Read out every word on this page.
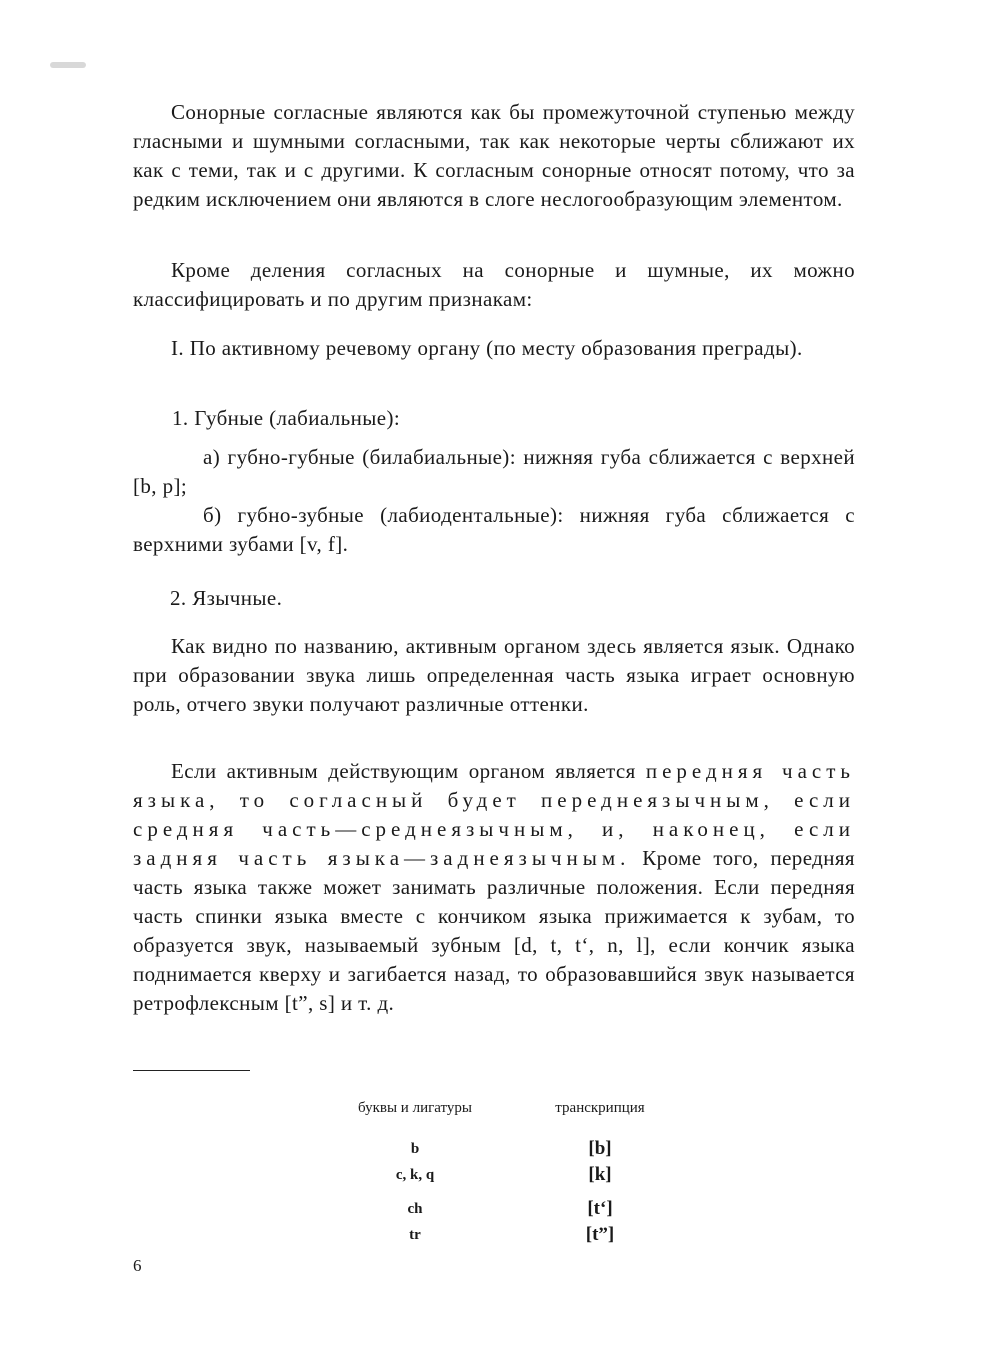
Сонорные согласные являются как бы промежуточной ступенью между гласными и шумными согласными, так как некоторые черты сближают их как с теми, так и с другими. К согласным сонорные относят потому, что за редким исключением они являются в слоге неслогообразующим элементом.

Кроме деления согласных на сонорные и шумные, их можно классифицировать и по другим признакам:

I. По активному речевому органу (по месту образования преграды).

1. Губные (лабиальные):

а) губно-губные (билабиальные): нижняя губа сближается с верхней [b, p];

б) губно-зубные (лабиодентальные): нижняя губа сближается с верхними зубами [v, f].

2. Язычные.

Как видно по названию, активным органом здесь является язык. Однако при образовании звука лишь определенная часть языка играет основную роль, отчего звуки получают различные оттенки.

Если активным действующим органом является передняя часть языка, то согласный будет переднеязычным, если средняя часть—среднеязычным, и, наконец, если задняя часть языка—заднеязычным. Кроме того, передняя часть языка также может занимать различные положения. Если передняя часть спинки языка вместе с кончиком языка прижимается к зубам, то образуется звук, называемый зубным [d, t, t‘, n, l], если кончик языка поднимается кверху и загибается назад, то образовавшийся звук называется ретрофлексным [t”, s] и т. д.

буквы и лигатуры	транскрипция
b	[b]
c, k, q	[k]
ch	[t‘]
tr	[t”]
6
